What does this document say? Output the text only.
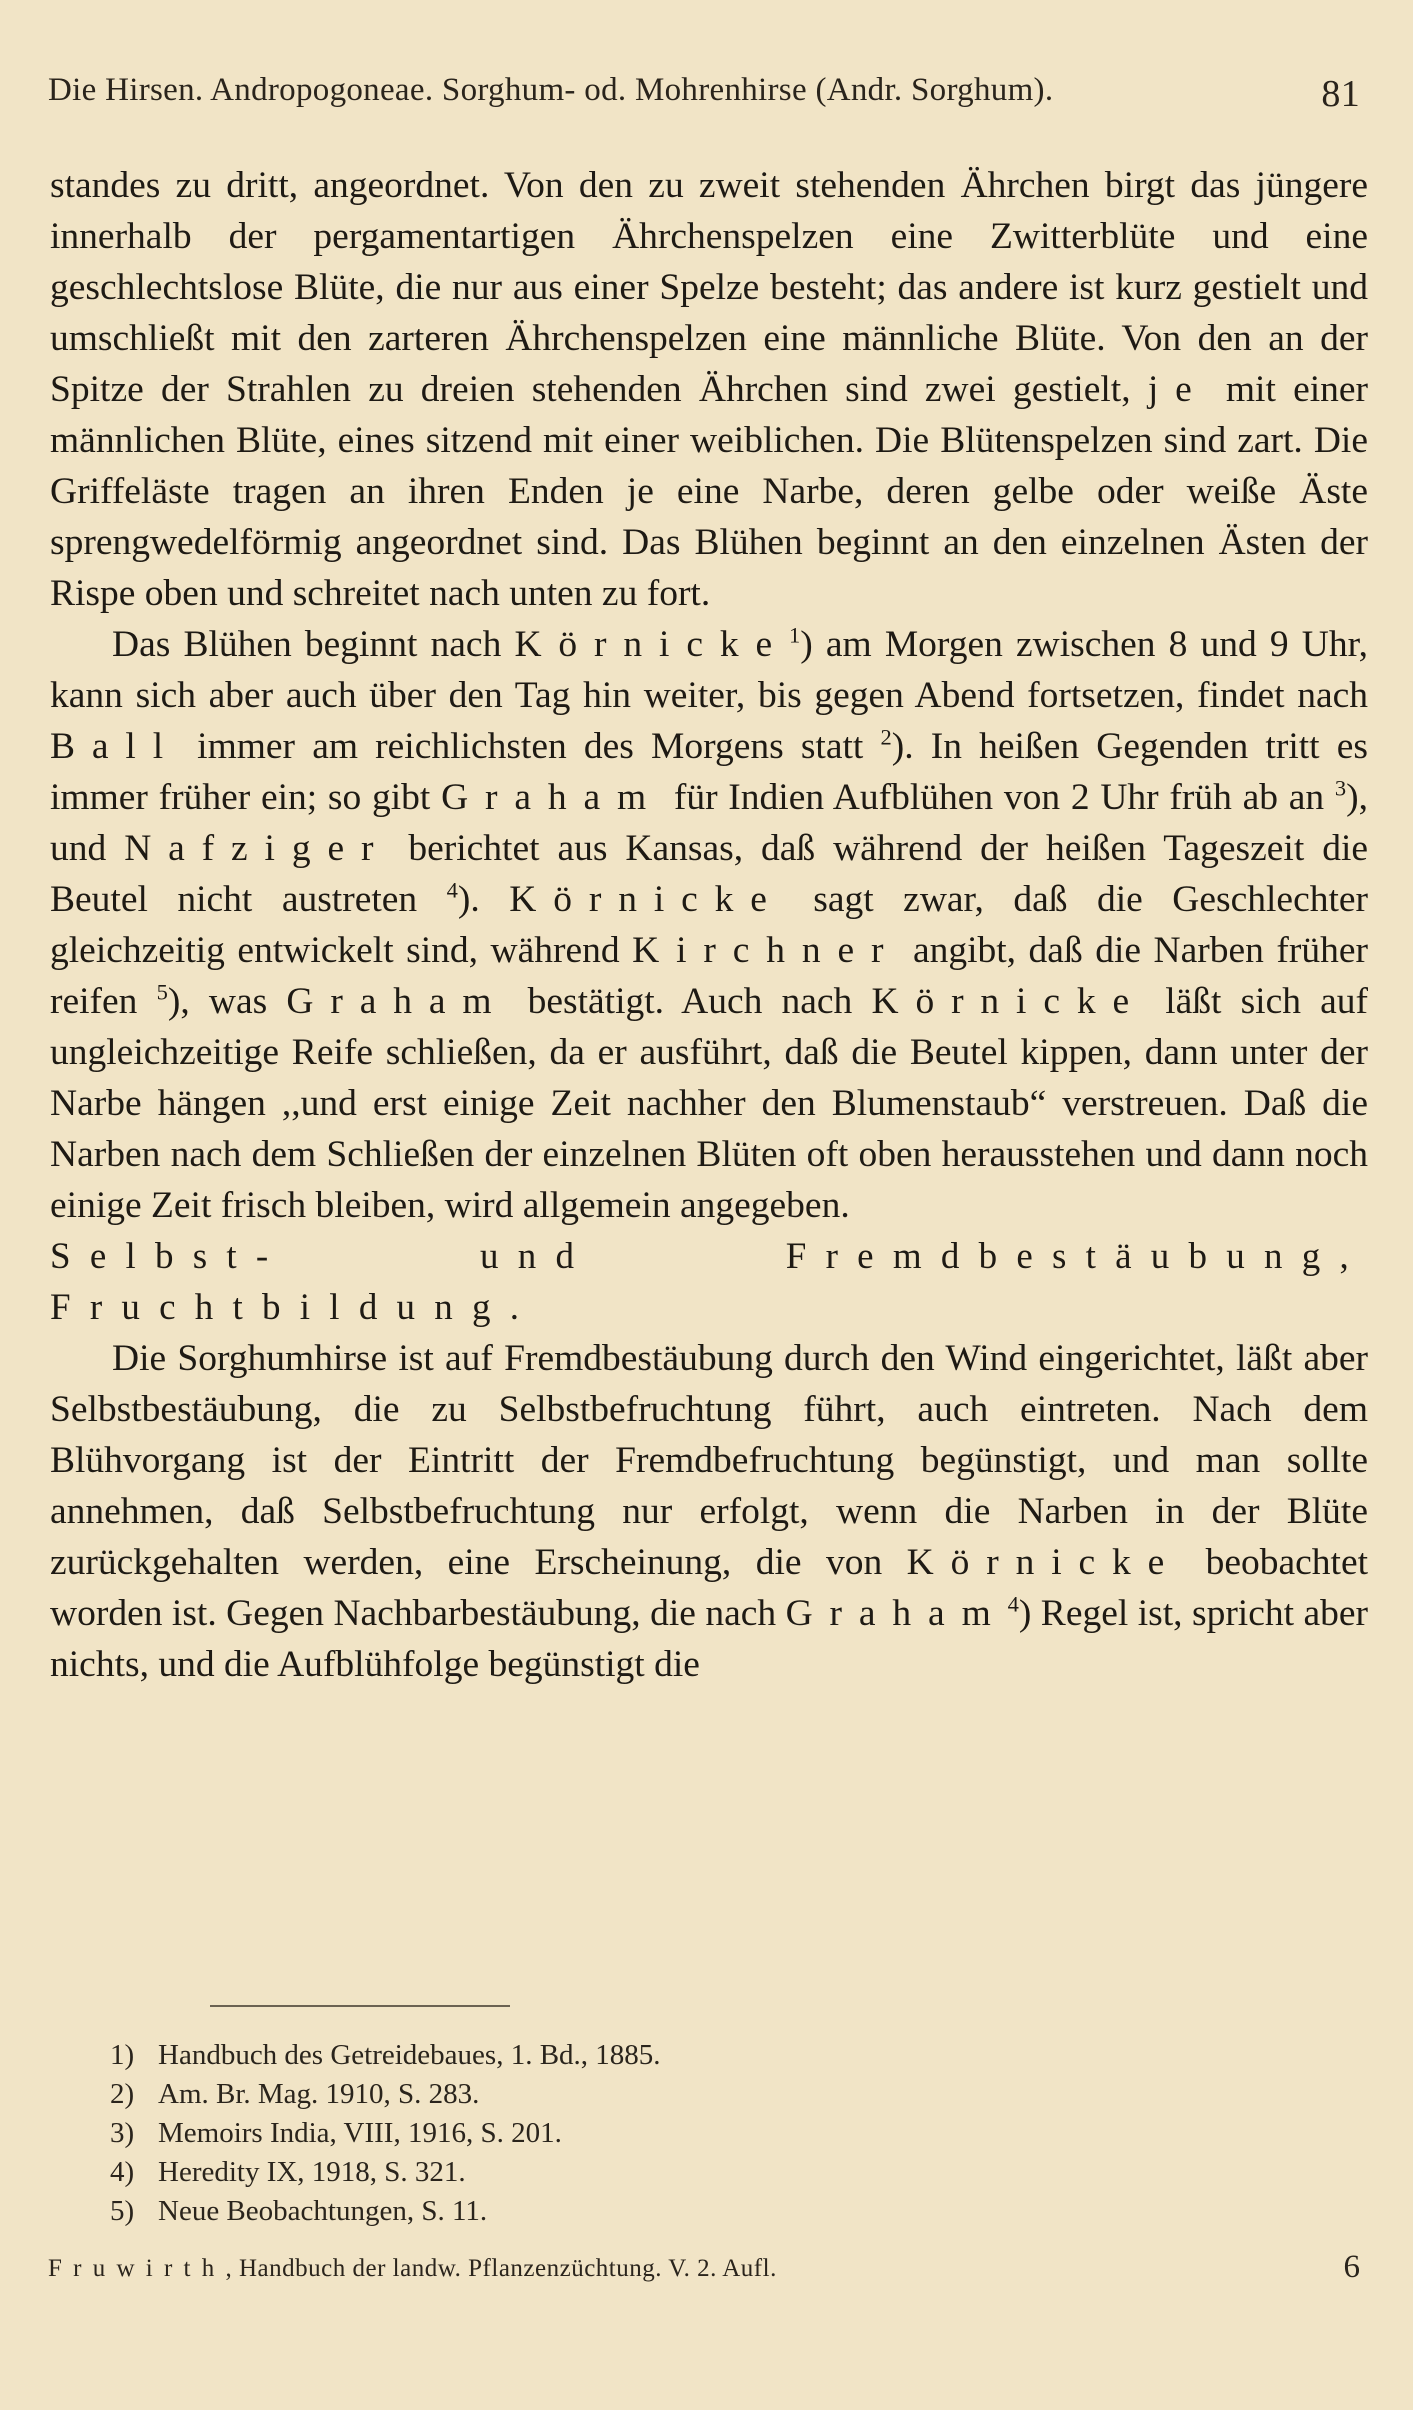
Die Hirsen. Andropogoneae. Sorghum- od. Mohrenhirse (Andr. Sorghum).	81

standes zu dritt, angeordnet. Von den zu zweit stehenden Ährchen birgt das jüngere innerhalb der pergamentartigen Ährchenspelzen eine Zwitterblüte und eine geschlechtslose Blüte, die nur aus einer Spelze besteht; das andere ist kurz gestielt und umschließt mit den zarteren Ährchenspelzen eine männliche Blüte. Von den an der Spitze der Strahlen zu dreien stehenden Ährchen sind zwei gestielt, je mit einer männlichen Blüte, eines sitzend mit einer weiblichen. Die Blütenspelzen sind zart. Die Griffeläste tragen an ihren Enden je eine Narbe, deren gelbe oder weiße Äste sprengwedelförmig angeordnet sind. Das Blühen beginnt an den einzelnen Ästen der Rispe oben und schreitet nach unten zu fort.

Das Blühen beginnt nach Körnicke$^1$) am Morgen zwischen 8 und 9 Uhr, kann sich aber auch über den Tag hin weiter, bis gegen Abend fortsetzen, findet nach Ball immer am reichlichsten des Morgens statt $^2$). In heißen Gegenden tritt es immer früher ein; so gibt Graham für Indien Aufblühen von 2 Uhr früh ab an $^3$), und Nafziger berichtet aus Kansas, daß während der heißen Tageszeit die Beutel nicht austreten $^4$). Körnicke sagt zwar, daß die Geschlechter gleichzeitig entwickelt sind, während Kirchner angibt, daß die Narben früher reifen $^5$), was Graham bestätigt. Auch nach Körnicke läßt sich auf ungleichzeitige Reife schließen, da er ausführt, daß die Beutel kippen, dann unter der Narbe hängen ,,und erst einige Zeit nachher den Blumenstaub“ verstreuen. Daß die Narben nach dem Schließen der einzelnen Blüten oft oben herausstehen und dann noch einige Zeit frisch bleiben, wird allgemein angegeben.

Selbst- und Fremdbestäubung, Fruchtbildung.

Die Sorghumhirse ist auf Fremdbestäubung durch den Wind eingerichtet, läßt aber Selbstbestäubung, die zu Selbstbefruchtung führt, auch eintreten. Nach dem Blühvorgang ist der Eintritt der Fremdbefruchtung begünstigt, und man sollte annehmen, daß Selbstbefruchtung nur erfolgt, wenn die Narben in der Blüte zurückgehalten werden, eine Erscheinung, die von Körnicke beobachtet worden ist. Gegen Nachbarbestäubung, die nach Graham$^4$) Regel ist, spricht aber nichts, und die Aufblühfolge begünstigt die

1) Handbuch des Getreidebaues, 1. Bd., 1885.

2) Am. Br. Mag. 1910, S. 283.

3) Memoirs India, VIII, 1916, S. 201.

4) Heredity IX, 1918, S. 321.

5) Neue Beobachtungen, S. 11.

Fruwirth, Handbuch der landw. Pflanzenzüchtung. V. 2. Aufl.	6
